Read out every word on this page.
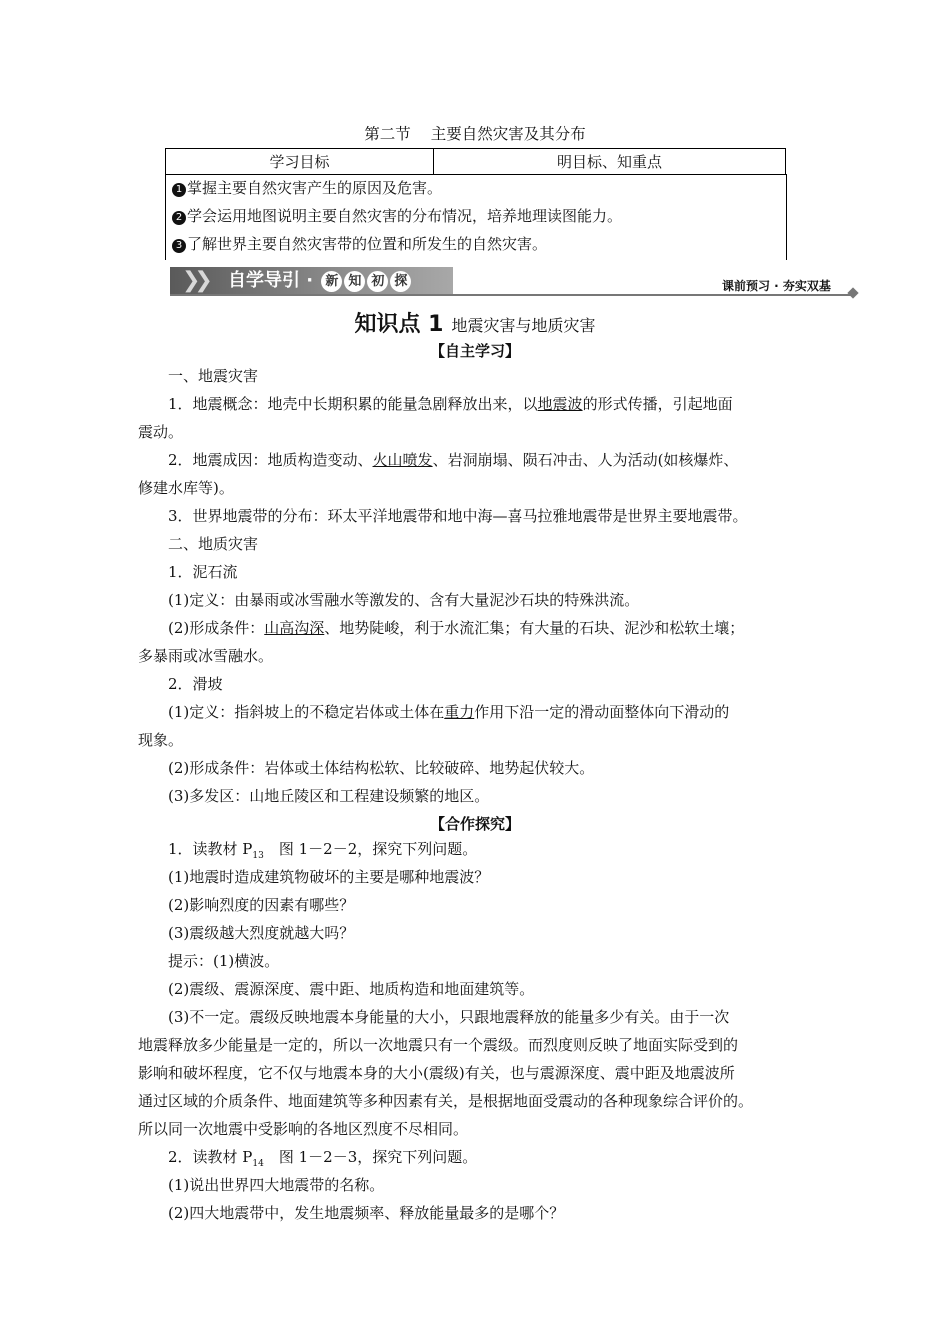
第二节 主要自然灾害及其分布
学习目标	明目标、知重点
1 掌握主要自然灾害产生的原因及危害。
2 学会运用地图说明主要自然灾害的分布情况，培养地理读图能力。
3 了解世界主要自然灾害带的位置和所发生的自然灾害。
❯❯ 自学导引 · 新 知 初 探	课前预习 · 夯实双基
知识点 1 地震灾害与地质灾害
【自主学习】
一、地震灾害
1．地震概念：地壳中长期积累的能量急剧释放出来，以地震波的形式传播，引起地面
震动。
2．地震成因：地质构造变动、火山喷发、岩洞崩塌、陨石冲击、人为活动(如核爆炸、
修建水库等)。
3．世界地震带的分布：环太平洋地震带和地中海—喜马拉雅地震带是世界主要地震带。
二、地质灾害
1．泥石流
(1)定义：由暴雨或冰雪融水等激发的、含有大量泥沙石块的特殊洪流。
(2)形成条件：山高沟深、地势陡峻，利于水流汇集；有大量的石块、泥沙和松软土壤；
多暴雨或冰雪融水。
2．滑坡
(1)定义：指斜坡上的不稳定岩体或土体在重力作用下沿一定的滑动面整体向下滑动的
现象。
(2)形成条件：岩体或土体结构松软、比较破碎、地势起伏较大。
(3)多发区：山地丘陵区和工程建设频繁的地区。
【合作探究】
1．读教材 $P_{13}$　图 1－2－2，探究下列问题。
(1)地震时造成建筑物破坏的主要是哪种地震波？
(2)影响烈度的因素有哪些？
(3)震级越大烈度就越大吗？
提示：(1)横波。
(2)震级、震源深度、震中距、地质构造和地面建筑等。
(3)不一定。震级反映地震本身能量的大小，只跟地震释放的能量多少有关。由于一次
地震释放多少能量是一定的，所以一次地震只有一个震级。而烈度则反映了地面实际受到的
影响和破坏程度，它不仅与地震本身的大小(震级)有关，也与震源深度、震中距及地震波所
通过区域的介质条件、地面建筑等多种因素有关，是根据地面受震动的各种现象综合评价的。
所以同一次地震中受影响的各地区烈度不尽相同。
2．读教材 $P_{14}$　图 1－2－3，探究下列问题。
(1)说出世界四大地震带的名称。
(2)四大地震带中，发生地震频率、释放能量最多的是哪个？
